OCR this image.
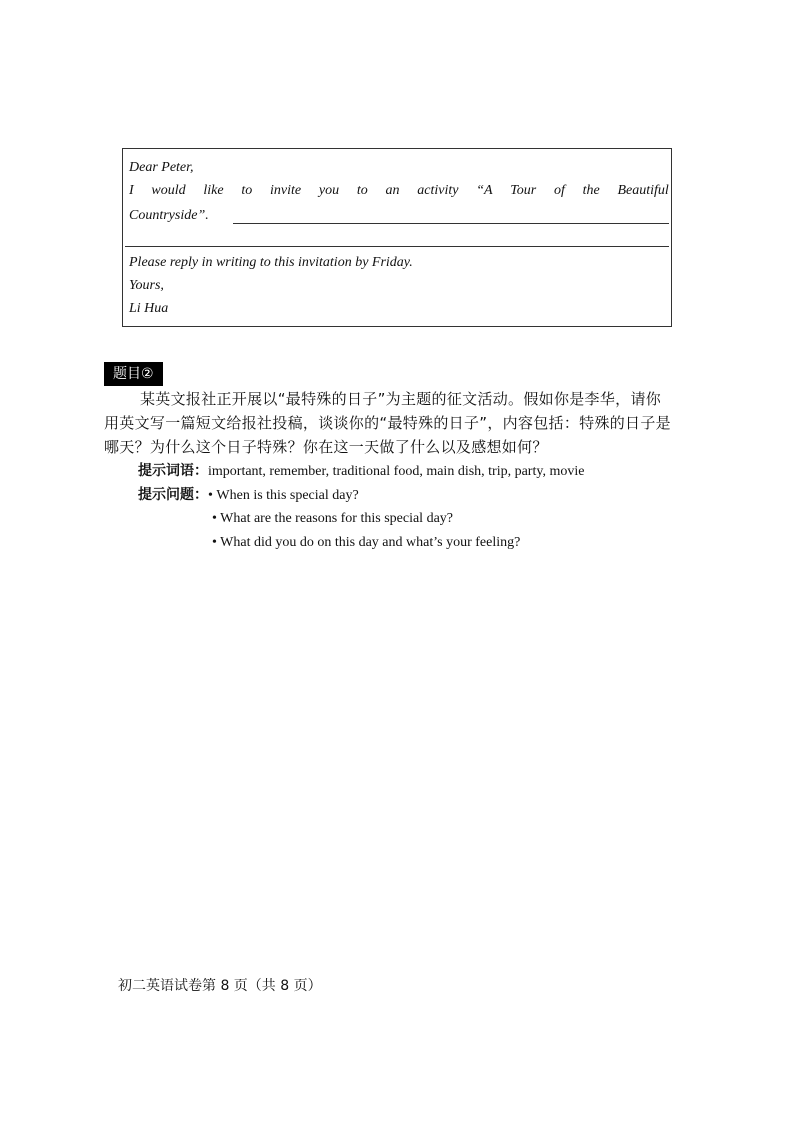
Dear Peter,
I would like to invite you to an activity “A Tour of the Beautiful
Countryside”.
Please reply in writing to this invitation by Friday.
Yours,
Li Hua
题目②
某英文报社正开展以“最特殊的日子”为主题的征文活动。假如你是李华，请你
用英文写一篇短文给报社投稿，谈谈你的“最特殊的日子”，内容包括：特殊的日子是
哪天？为什么这个日子特殊？你在这一天做了什么以及感想如何？
提示词语：important, remember, traditional food, main dish, trip, party, movie
提示问题：• When is this special day?
• What are the reasons for this special day?
• What did you do on this day and what’s your feeling?
初二英语试卷第 8 页（共 8 页）
